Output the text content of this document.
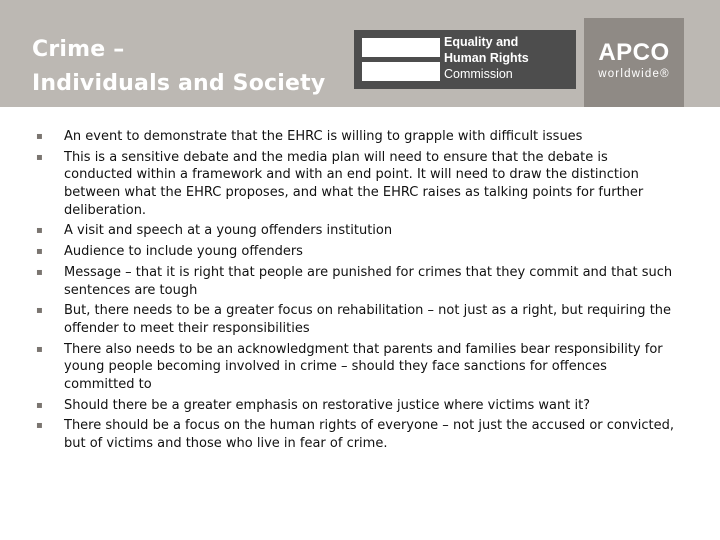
Crime –
Individuals and Society
Equality and
Human Rights
Commission
APCO
worldwide®
▪ An event to demonstrate that the EHRC is willing to grapple with difficult issues
▪ This is a sensitive debate and the media plan will need to ensure that the debate is conducted within a framework and with an end point. It will need to draw the distinction between what the EHRC proposes, and what the EHRC raises as talking points for further deliberation.
▪ A visit and speech at a young offenders institution
▪ Audience to include young offenders
▪ Message – that it is right that people are punished for crimes that they commit and that such sentences are tough
▪ But, there needs to be a greater focus on rehabilitation – not just as a right, but requiring the offender to meet their responsibilities
▪ There also needs to be an acknowledgment that parents and families bear responsibility for young people becoming involved in crime – should they face sanctions for offences committed to
▪ Should there be a greater emphasis on restorative justice where victims want it?
▪ There should be a focus on the human rights of everyone – not just the accused or convicted, but of victims and those who live in fear of crime.
